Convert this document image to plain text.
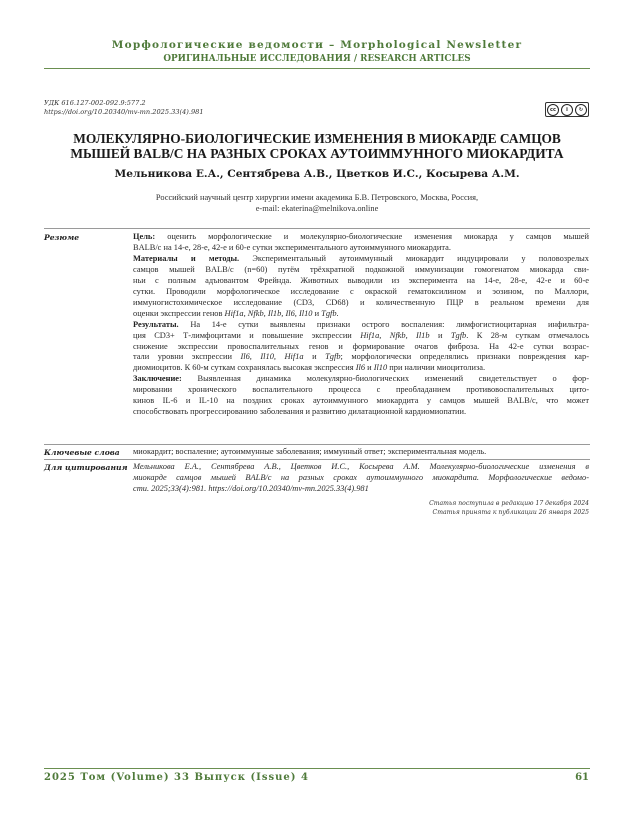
Морфологические ведомости – Morphological Newsletter
ОРИГИНАЛЬНЫЕ ИССЛЕДОВАНИЯ / RESEARCH ARTICLES
УДК 616.127-002-092.9:577.2
https://doi.org/10.20340/mv-mn.2025.33(4).981	cc	i	↻
МОЛЕКУЛЯРНО-БИОЛОГИЧЕСКИЕ ИЗМЕНЕНИЯ В МИОКАРДЕ САМЦОВ
МЫШЕЙ BALB/C НА РАЗНЫХ СРОКАХ АУТОИММУННОГО МИОКАРДИТА
Мельникова Е.А., Сентябрева А.В., Цветков И.С., Косырева А.М.
Российский научный центр хирургии имени академика Б.В. Петровского, Москва, Россия,
e-mail: ekaterina@melnikova.online
Резюме	Цель: оценить морфологические и молекулярно-биологические изменения миокарда у самцов мышей
BALB/c на 14-е, 28-е, 42-е и 60-е сутки экспериментального аутоиммунного миокардита.
Материалы и методы. Экспериментальный аутоиммунный миокардит индуцировали у половозрелых
самцов мышей BALB/c (n=60) путём трёхкратной подкожной иммунизации гомогенатом миокарда сви-
ньи с полным адъювантом Фрейнда. Животных выводили из эксперимента на 14-е, 28-е, 42-е и 60-е
сутки. Проводили морфологическое исследование с окраской гематоксилином и эозином, по Маллори,
иммуногистохимическое исследование (CD3, CD68) и количественную ПЦР в реальном времени для
оценки экспрессии генов Hif1a, Nfkb, Il1b, Il6, Il10 и Tgfb.
Результаты. На 14-е сутки выявлены признаки острого воспаления: лимфогистиоцитарная инфильтра-
ция CD3+ Т-лимфоцитами и повышение экспрессии Hif1a, Nfkb, Il1b и Tgfb. К 28-м суткам отмечалось
снижение экспрессии провоспалительных генов и формирование очагов фиброза. На 42-е сутки возрас-
тали уровни экспрессии Il6, Il10, Hif1a и Tgfb; морфологически определялись признаки повреждения кар-
диомиоцитов. К 60-м суткам сохранялась высокая экспрессия Il6 и Il10 при наличии миоцитолиза.
Заключение: Выявленная динамика молекулярно-биологических изменений свидетельствует о фор-
мировании хронического воспалительного процесса с преобладанием противовоспалительных цито-
кинов IL-6 и IL-10 на поздних сроках аутоиммунного миокардита у самцов мышей BALB/c, что может
способствовать прогрессированию заболевания и развитию дилатационной кардиомиопатии.
Ключевые слова миокардит; воспаление; аутоиммунные заболевания; иммунный ответ; экспериментальная модель.
Для цитирования Мельникова Е.А., Сентябрева А.В., Цветков И.С., Косырева А.М. Молекулярно-биологические изменения в
миокарде самцов мышей BALB/c на разных сроках аутоиммунного миокардита. Морфологические ведомо-
сти. 2025;33(4):981. https://doi.org/10.20340/mv-mn.2025.33(4).981
Статья поступила в редакцию 17 декабря 2024
Статья принята к публикации 26 января 2025
2025 Том (Volume) 33 Выпуск (Issue) 4	61
